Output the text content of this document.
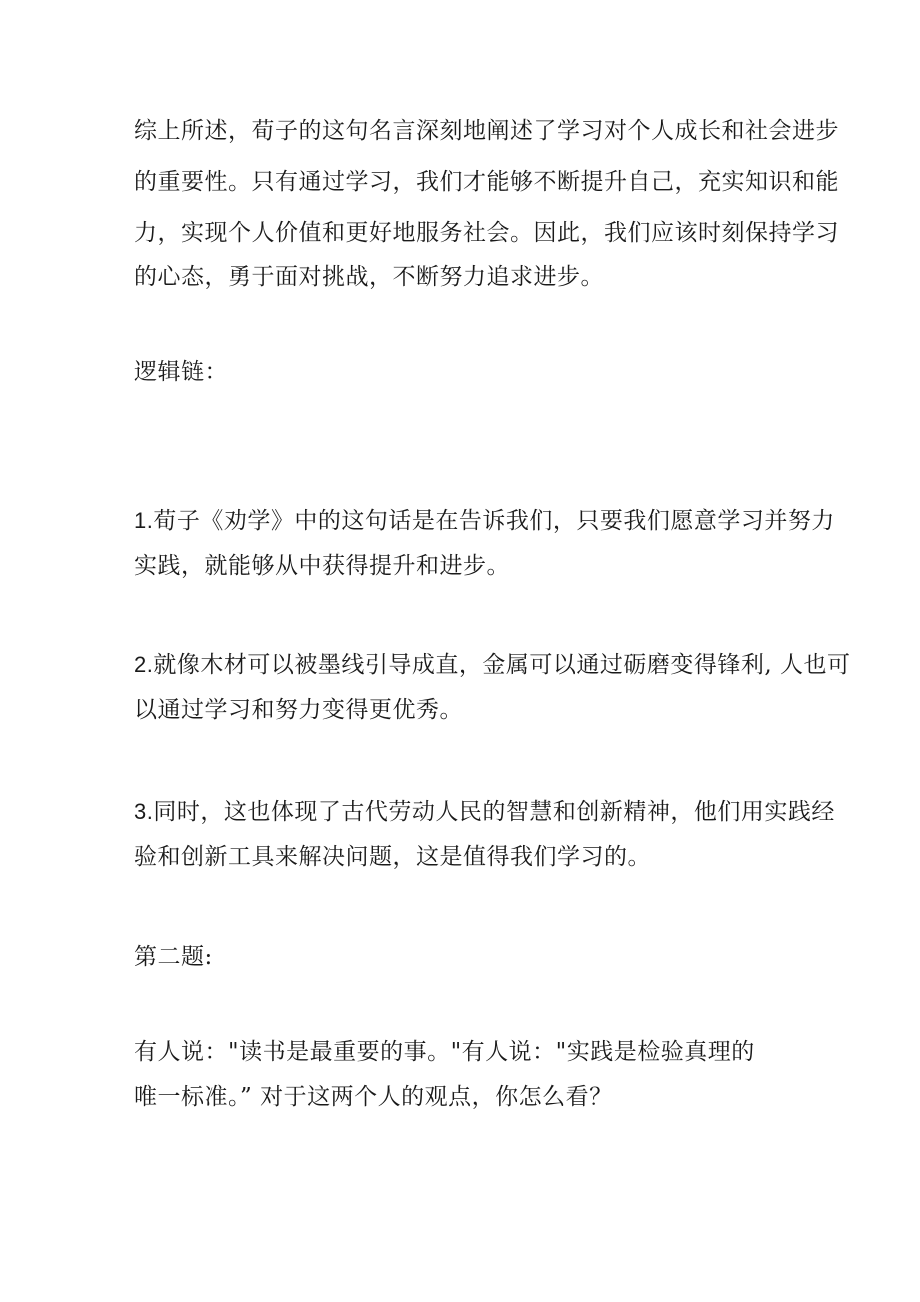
综上所述，荀子的这句名言深刻地阐述了学习对个人成长和社会进步
的重要性。只有通过学习，我们才能够不断提升自己，充实知识和能
力，实现个人价值和更好地服务社会。因此，我们应该时刻保持学习
的心态，勇于面对挑战，不断努力追求进步。
逻辑链：
1.荀子《劝学》中的这句话是在告诉我们，只要我们愿意学习并努力
实践，就能够从中获得提升和进步。
2.就像木材可以被墨线引导成直，金属可以通过砺磨变得锋利, 人也可
以通过学习和努力变得更优秀。
3.同时，这也体现了古代劳动人民的智慧和创新精神，他们用实践经
验和创新工具来解决问题，这是值得我们学习的。
第二题:
有人说："读书是最重要的事。"有人说："实践是检验真理的
唯一标准。” 对于这两个人的观点，你怎么看？
